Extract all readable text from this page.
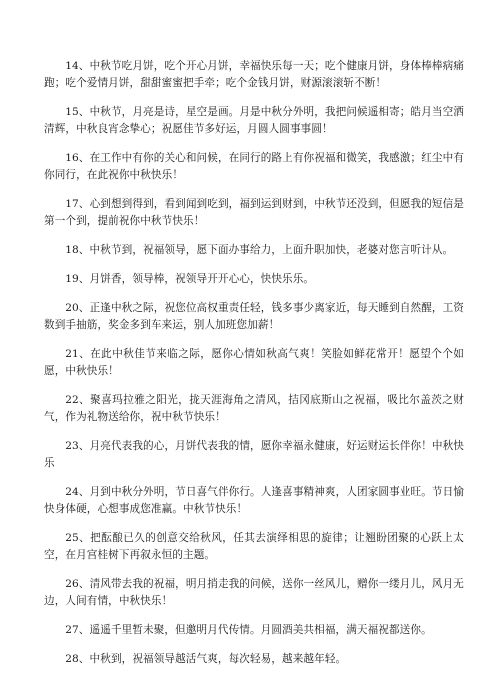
14、中秋节吃月饼，吃个开心月饼，幸福快乐每一天；吃个健康月饼，身体棒棒病痛跑；吃个爱情月饼，甜甜蜜蜜把手牵；吃个金钱月饼，财源滚滚斩不断！

15、中秋节，月亮是诗，星空是画。月是中秋分外明，我把问候遥相寄；皓月当空洒清辉，中秋良宵念挚心；祝愿佳节多好运，月圆人圆事事圆！

16、在工作中有你的关心和问候，在同行的路上有你祝福和微笑，我感激；红尘中有你同行，在此祝你中秋快乐！

17、心到想到得到，看到闻到吃到，福到运到财到，中秋节还没到，但愿我的短信是第一个到，提前祝你中秋节快乐！

18、中秋节到，祝福领导，愿下面办事给力，上面升职加快，老婆对您言听计从。

19、月饼香，领导棒，祝领导开开心心，快快乐乐。

20、正逢中秋之际，祝您位高权重责任轻，钱多事少离家近，每天睡到自然醒，工资数到手抽筋，奖金多到车来运，别人加班您加薪！

21、在此中秋佳节来临之际，愿你心情如秋高气爽！笑脸如鲜花常开！愿望个个如愿，中秋快乐！

22、聚喜玛拉雅之阳光，拢天涯海角之清风，拮冈底斯山之祝福，吸比尔盖茨之财气，作为礼物送给你，祝中秋节快乐！

23、月亮代表我的心，月饼代表我的情，愿你幸福永健康，好运财运长伴你！中秋快乐

24、月到中秋分外明，节日喜气伴你行。人逢喜事精神爽，人团家圆事业旺。节日愉快身体硬，心想事成您准赢。中秋节快乐！

25、把酝酿已久的创意交给秋风，任其去演绎相思的旋律；让翘盼团聚的心跃上太空，在月宫桂树下再叙永恒的主题。

26、清风带去我的祝福，明月捎走我的问候，送你一丝风儿，赠你一缕月儿，风月无边，人间有情，中秋快乐！

27、遥遥千里暂未聚，但邀明月代传情。月圆酒美共相福，满天福祝都送你。

28、中秋到，祝福领导越活气爽，每次轻易，越来越年轻。
